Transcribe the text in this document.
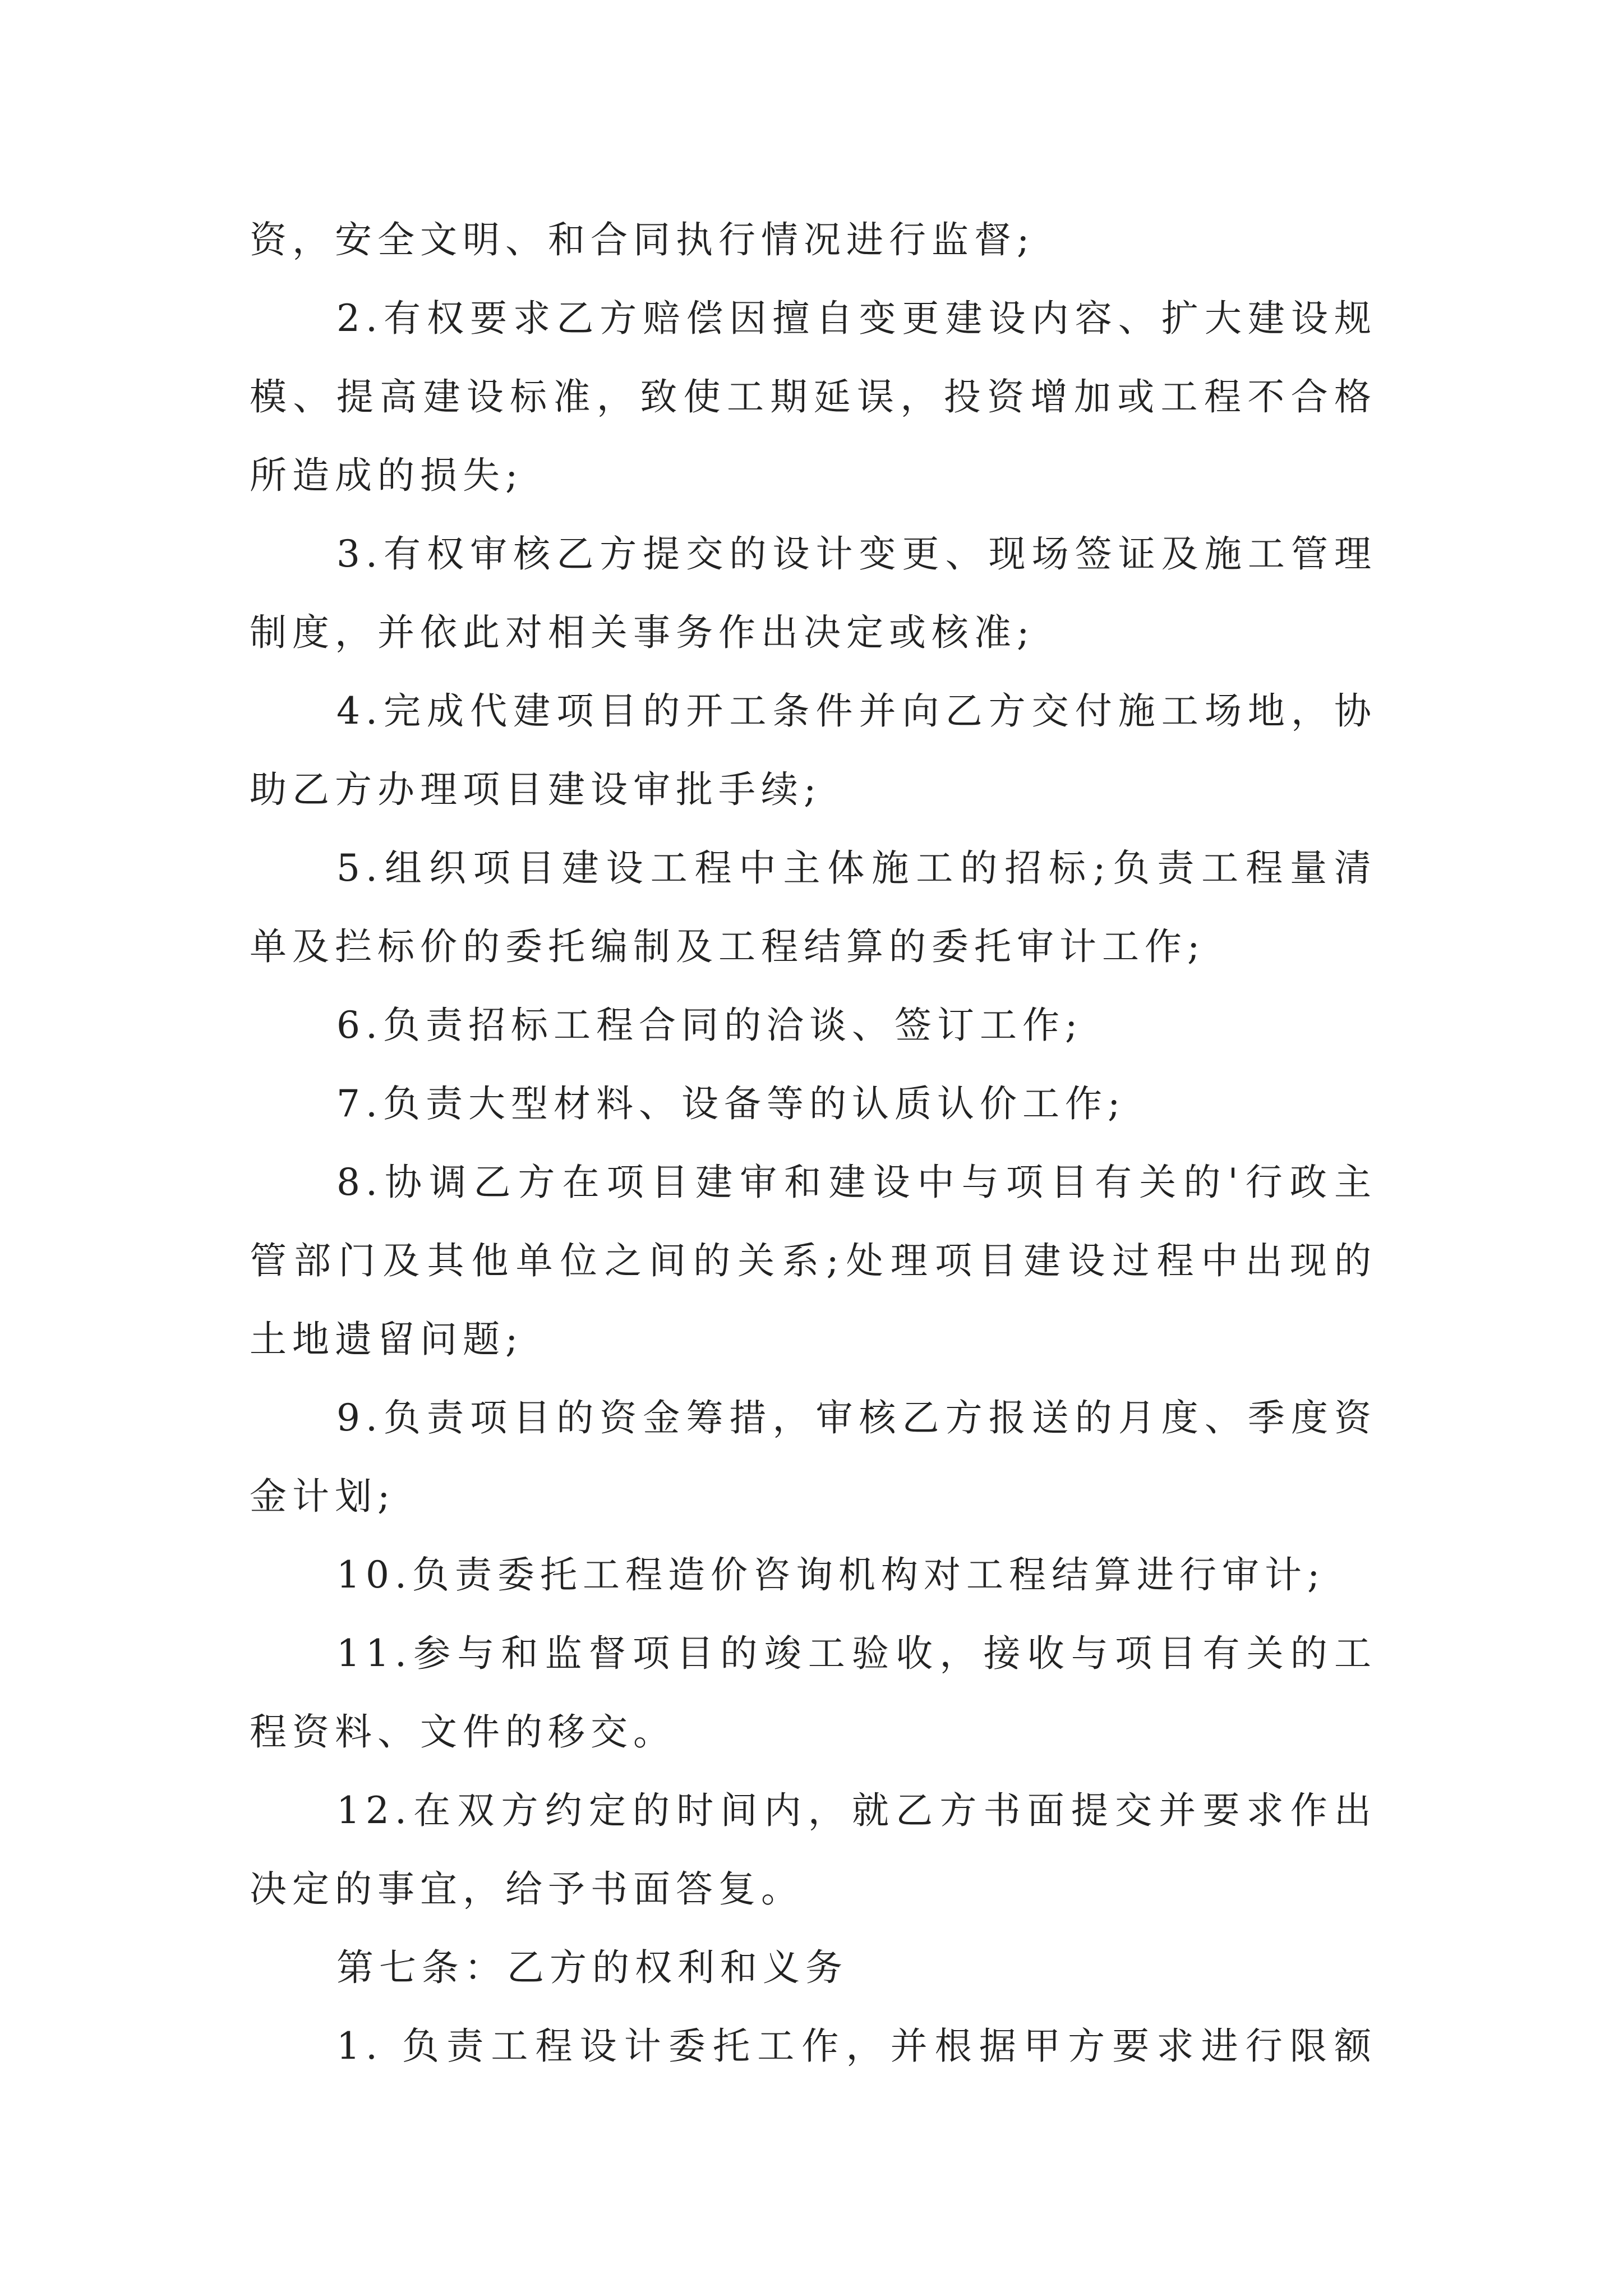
资，安全文明、和合同执行情况进行监督;
2.有权要求乙方赔偿因擅自变更建设内容、扩大建设规
模、提高建设标准，致使工期延误，投资增加或工程不合格
所造成的损失;
3.有权审核乙方提交的设计变更、现场签证及施工管理
制度，并依此对相关事务作出决定或核准;
4.完成代建项目的开工条件并向乙方交付施工场地，协
助乙方办理项目建设审批手续;
5.组织项目建设工程中主体施工的招标;负责工程量清
单及拦标价的委托编制及工程结算的委托审计工作;
6.负责招标工程合同的洽谈、签订工作;
7.负责大型材料、设备等的认质认价工作;
8.协调乙方在项目建审和建设中与项目有关的'行政主
管部门及其他单位之间的关系;处理项目建设过程中出现的
土地遗留问题;
9.负责项目的资金筹措，审核乙方报送的月度、季度资
金计划;
10.负责委托工程造价咨询机构对工程结算进行审计;
11.参与和监督项目的竣工验收，接收与项目有关的工
程资料、文件的移交。
12.在双方约定的时间内，就乙方书面提交并要求作出
决定的事宜，给予书面答复。
第七条：乙方的权利和义务
1. 负责工程设计委托工作，并根据甲方要求进行限额
